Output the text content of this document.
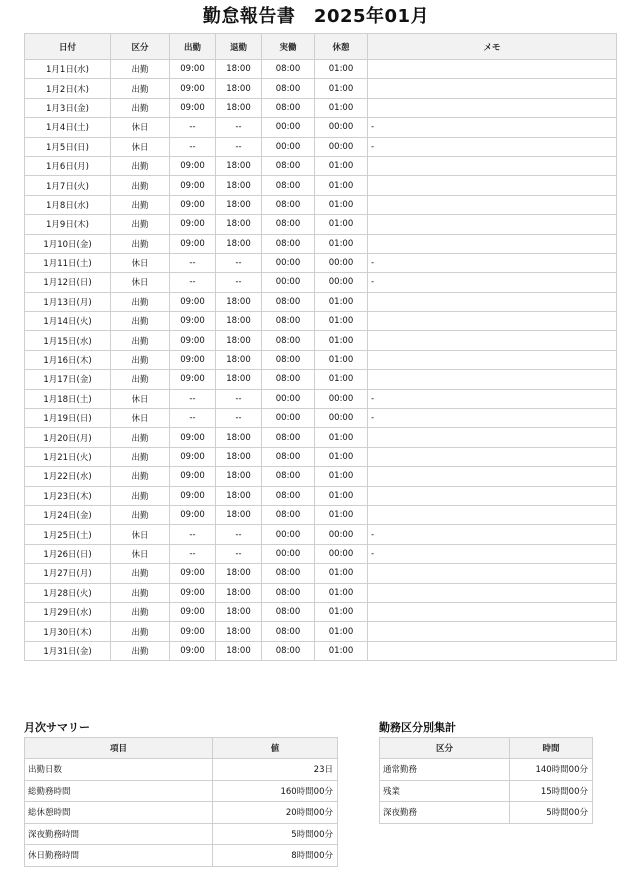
勤怠報告書　2025年01月
日付	区分	出勤	退勤	実働	休憩	メモ
1月1日(水)	出勤	09:00	18:00	08:00	01:00	
1月2日(木)	出勤	09:00	18:00	08:00	01:00	
1月3日(金)	出勤	09:00	18:00	08:00	01:00	
1月4日(土)	休日	--	--	00:00	00:00	-
1月5日(日)	休日	--	--	00:00	00:00	-
1月6日(月)	出勤	09:00	18:00	08:00	01:00	
1月7日(火)	出勤	09:00	18:00	08:00	01:00	
1月8日(水)	出勤	09:00	18:00	08:00	01:00	
1月9日(木)	出勤	09:00	18:00	08:00	01:00	
1月10日(金)	出勤	09:00	18:00	08:00	01:00	
1月11日(土)	休日	--	--	00:00	00:00	-
1月12日(日)	休日	--	--	00:00	00:00	-
1月13日(月)	出勤	09:00	18:00	08:00	01:00	
1月14日(火)	出勤	09:00	18:00	08:00	01:00	
1月15日(水)	出勤	09:00	18:00	08:00	01:00	
1月16日(木)	出勤	09:00	18:00	08:00	01:00	
1月17日(金)	出勤	09:00	18:00	08:00	01:00	
1月18日(土)	休日	--	--	00:00	00:00	-
1月19日(日)	休日	--	--	00:00	00:00	-
1月20日(月)	出勤	09:00	18:00	08:00	01:00	
1月21日(火)	出勤	09:00	18:00	08:00	01:00	
1月22日(水)	出勤	09:00	18:00	08:00	01:00	
1月23日(木)	出勤	09:00	18:00	08:00	01:00	
1月24日(金)	出勤	09:00	18:00	08:00	01:00	
1月25日(土)	休日	--	--	00:00	00:00	-
1月26日(日)	休日	--	--	00:00	00:00	-
1月27日(月)	出勤	09:00	18:00	08:00	01:00	
1月28日(火)	出勤	09:00	18:00	08:00	01:00	
1月29日(水)	出勤	09:00	18:00	08:00	01:00	
1月30日(木)	出勤	09:00	18:00	08:00	01:00	
1月31日(金)	出勤	09:00	18:00	08:00	01:00	
月次サマリー
項目	値
出勤日数	23日
総勤務時間	160時間00分
総休憩時間	20時間00分
深夜勤務時間	5時間00分
休日勤務時間	8時間00分
勤務区分別集計
区分	時間
通常勤務	140時間00分
残業	15時間00分
深夜勤務	5時間00分
